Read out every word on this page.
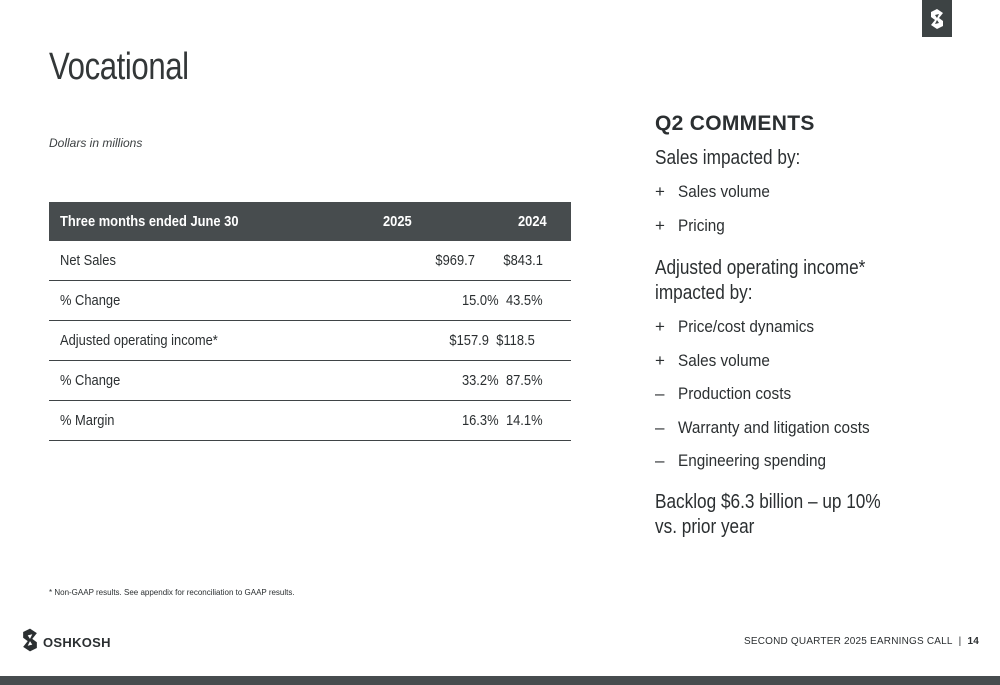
Vocational
Dollars in millions
Three months ended June 30	2025	2024
Net Sales	$969.7	$843.1
% Change	15.0%	43.5%
Adjusted operating income*	$157.9	$118.5
% Change	33.2%	87.5%
% Margin	16.3%	14.1%
Q2 COMMENTS

Sales impacted by:

+ Sales volume
+ Pricing

Adjusted operating income* impacted by:

+ Price/cost dynamics
+ Sales volume
– Production costs
– Warranty and litigation costs
– Engineering spending

Backlog $6.3 billion – up 10% vs. prior year

* Non-GAAP results. See appendix for reconciliation to GAAP results.
OSHKOSH	SECOND QUARTER 2025 EARNINGS CALL | 14
